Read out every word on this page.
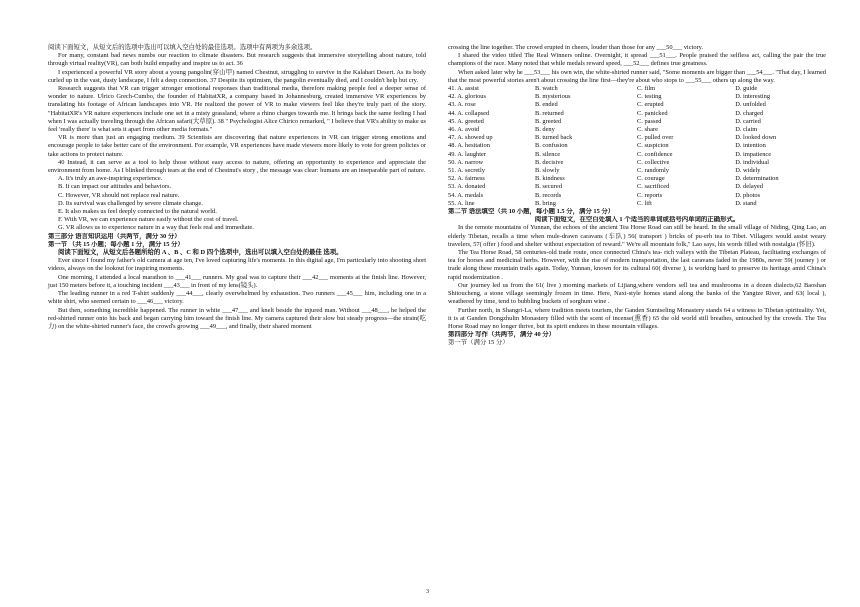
阅读下面短文，从短文后的选项中选出可以填入空白处的最佳选项。选项中有两项为多余选项。

For many, constant bad news numbs our reaction to climate disasters. But research suggests that immersive storytelling about nature, told through virtual reality(VR), can both build empathy and inspire us to act. 36

I experienced a powerful VR story about a young pangolin(穿山甲) named Chestnut, struggling to survive in the Kalahari Desert. As its body curled up in the vast, dusty landscape, I felt a deep connection. 37 Despite its optimism, the pangolin eventually died, and I couldn't help but cry.

Research suggests that VR can trigger stronger emotional responses than traditional media, therefore making people feel a deeper sense of wonder to nature. Ulrico Grech-Cumbo, the founder of HabitatXR, a company based in Johannesburg, created immersive VR experiences by translating his footage of African landscapes into VR. He realized the power of VR to make viewers feel like they're truly part of the story. "HabitatXR's VR nature experiences include one set in a misty grassland, where a rhino charges towards me. It brings back the same feeling I had when I was actually traveling through the African safari(大草原). 38 " Psychologist Alice Chirico remarked, " I believe that VR's ability to make us feel 'really there' is what sets it apart from other media formats."

VR is more than just an engaging medium. 39 Scientists are discovering that nature experiences in VR can trigger strong emotions and encourage people to take better care of the environment. For example, VR experiences have made viewers more likely to vote for green policies or take actions to protect nature.

40 Instead, it can serve as a tool to help those without easy access to nature, offering an opportunity to experience and appreciate the environment from home. As I blinked through tears at the end of Chestnut's story , the message was clear: humans are an inseparable part of nature.

A. It's truly an awe-inspiring experience.
B. It can impact our attitudes and behaviors.
C. However, VR should not replace real nature.
D. Its survival was challenged by severe climate change.
E. It also makes us feel deeply connected to the natural world.
F. With VR, we can experience nature easily without the cost of travel.
G. VR allows us to experience nature in a way that feels real and immediate.
第三部分 语言知识运用（共两节，满分 30 分）
第一节 （共 15 小题；每小题 1 分，满分 15 分）

阅读下面短文，从短文后各题所给的 A 、B 、C 和 D 四个选项中，选出可以填入空白处的最佳 选项。

Ever since I found my father's old camera at age ten, I've loved capturing life's moments. In this digital age, I'm particularly into shooting short videos, always on the lookout for inspiring moments.

One morning, I attended a local marathon to ___41___ runners. My goal was to capture their ___42___ moments at the finish line. However, just 150 meters before it, a touching incident ___43___ in front of my lens(镜头).

The leading runner in a red T-shirt suddenly ___44___, clearly overwhelmed by exhaustion. Two runners ___45___ him, including one in a white shirt, who seemed certain to ___46___ victory.

But then, something incredible happened. The runner in white ___47___ and knelt beside the injured man. Without ___48___, he helped the red-shirted runner onto his back and began carrying him toward the finish line. My camera captured their slow but steady progress—the strain(吃力) on the white-shirted runner's face, the crowd's growing ___49___, and finally, their shared moment

crossing the line together. The crowd erupted in cheers, louder than those for any ___50___ victory.

I shared the video titled The Real Winners online. Overnight, it spread ___51___. People praised the selfless act, calling the pair the true champions of the race. Many noted that while medals reward speed, ___52___ defines true greatness.

When asked later why he ___53___ his own win, the white-shirted runner said, "Some moments are bigger than ___54___. "That day, I learned that the most powerful stories aren't about crossing the line first—they're about who stops to ___55___ others up along the way.

41. A. assist	B. watch	C. film	D. guide
42. A. glorious	B. mysterious	C. testing	D. interesting
43. A. rose	B. ended	C. erupted	D. unfolded
44. A. collapsed	B. returned	C. panicked	D. charged
45. A. greeted	B. greeted	C. passed	D. carried
46. A. avoid	B. deny	C. share	D. claim
47. A. showed up	B. turned back	C. pulled over	D. looked down
48. A. hesitation	B. confusion	C. suspicion	D. intention
49. A. laughter	B. silence	C. confidence	D. impatience
50. A. narrow	B. decisive	C. collective	D. individual
51. A. secretly	B. slowly	C. randomly	D. widely
52. A. fairness	B. kindness	C. courage	D. determination
53. A. donated	B. secured	C. sacrificed	D. delayed
54. A. medals	B. records	C. reports	D. photos
55. A. line	B. bring	C. lift	D. stand
第二节 语法填空（共 10 小题，每小题 1.5 分，满分 15 分）
阅读下面短文，在空白处填入 1 个适当的单词或括号内单词的正确形式。

In the remote mountains of Yunnan, the echoes of the ancient Tea Horse Road can still be heard. In the small village of Niding, Qing Lao, an elderly Tibetan, recalls a time when mule-drawn caravans (车队) 56( transport ) bricks of pu-erh tea to Tibet. Villagers would assist weary travelers, 57( offer ) food and shelter without expectation of reward." We're all mountain folk," Lao says, his words filled with nostalgia (怀旧).

The Tea Horse Road, 58 centuries-old trade route, once connected China's tea- rich valleys with the Tibetan Plateau, facilitating exchanges of tea for horses and medicinal herbs. However, with the rise of modern transportation, the last caravans faded in the 1980s, never 59( journey ) or trade along these mountain trails again. Today, Yunnan, known for its cultural 60( diverse ), is working hard to preserve its heritage amid China's rapid modernization .

Our journey led us from the 61( live ) morning markets of Lijiang,where vendors sell tea and mushrooms in a dozen dialects,62 Baoshan Shitoucheng, a stone village seemingly frozen in time. Here, Naxi-style homes stand along the banks of the Yangtze River, and 63( local ), weathered by time, tend to bubbling buckets of sorghum wine .

Further north, in Shangri-La, where tradition meets tourism, the Ganden Sumtseling Monastery stands 64 a witness to Tibetan spirituality. Yet, it is at Ganden Dongzhulin Monastery filled with the scent of incense(熏香) 65 the old world still breathes, untouched by the crowds. The Tea Horse Road may no longer thrive, but its spirit endures in these mountain villages.

第四部分 写作（共两节，满分 40 分）
第一节（满分 15 分）
3
